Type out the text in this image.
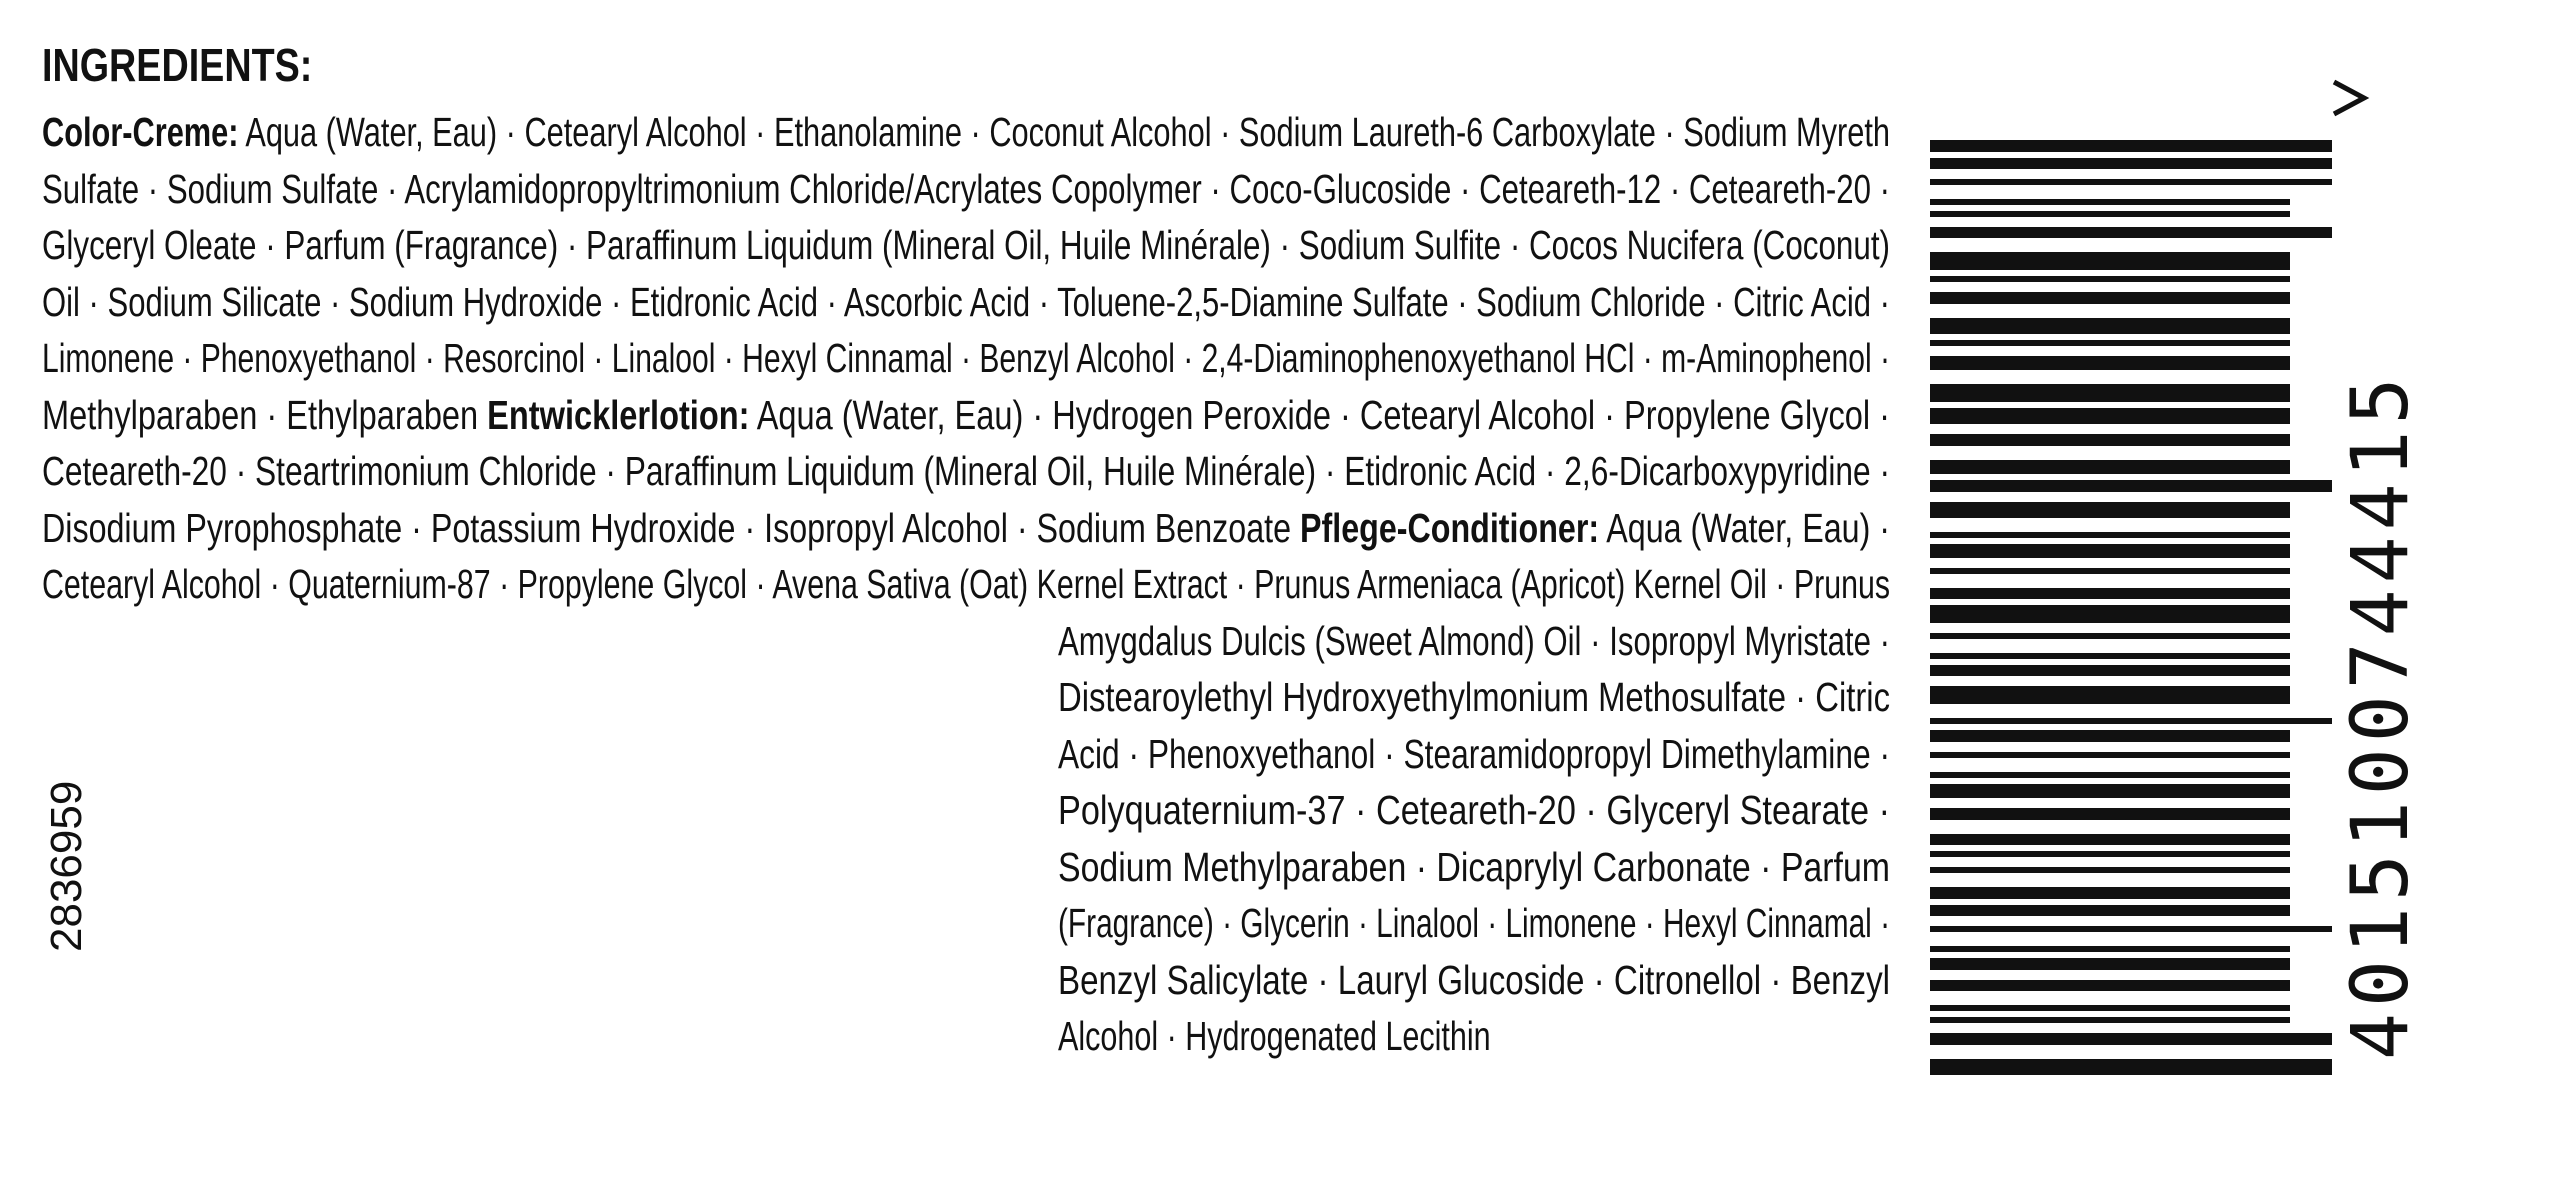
INGREDIENTS:
Color-Creme: Aqua (Water, Eau) · Cetearyl Alcohol · Ethanolamine · Coconut Alcohol · Sodium Laureth-6 Carboxylate · Sodium Myreth
Sulfate · Sodium Sulfate · Acrylamidopropyltrimonium Chloride/Acrylates Copolymer · Coco-Glucoside · Ceteareth-12 · Ceteareth-20 ·
Glyceryl Oleate · Parfum (Fragrance) · Paraffinum Liquidum (Mineral Oil, Huile Minérale) · Sodium Sulfite · Cocos Nucifera (Coconut)
Oil · Sodium Silicate · Sodium Hydroxide · Etidronic Acid · Ascorbic Acid · Toluene-2,5-Diamine Sulfate · Sodium Chloride · Citric Acid ·
Limonene · Phenoxyethanol · Resorcinol · Linalool · Hexyl Cinnamal · Benzyl Alcohol · 2,4-Diaminophenoxyethanol HCl · m-Aminophenol ·
Methylparaben · Ethylparaben Entwicklerlotion: Aqua (Water, Eau) · Hydrogen Peroxide · Cetearyl Alcohol · Propylene Glycol ·
Ceteareth-20 · Steartrimonium Chloride · Paraffinum Liquidum (Mineral Oil, Huile Minérale) · Etidronic Acid · 2,6-Dicarboxypyridine ·
Disodium Pyrophosphate · Potassium Hydroxide · Isopropyl Alcohol · Sodium Benzoate Pflege-Conditioner: Aqua (Water, Eau) ·
Cetearyl Alcohol · Quaternium-87 · Propylene Glycol · Avena Sativa (Oat) Kernel Extract · Prunus Armeniaca (Apricot) Kernel Oil · Prunus
Amygdalus Dulcis (Sweet Almond) Oil · Isopropyl Myristate ·
Distearoylethyl Hydroxyethylmonium Methosulfate · Citric
Acid · Phenoxyethanol · Stearamidopropyl Dimethylamine ·
Polyquaternium-37 · Ceteareth-20 · Glyceryl Stearate ·
Sodium Methylparaben · Dicaprylyl Carbonate · Parfum
(Fragrance) · Glycerin · Linalool · Limonene · Hexyl Cinnamal ·
Benzyl Salicylate · Lauryl Glucoside · Citronellol · Benzyl
Alcohol · Hydrogenated Lecithin
2836959	4015100744415
